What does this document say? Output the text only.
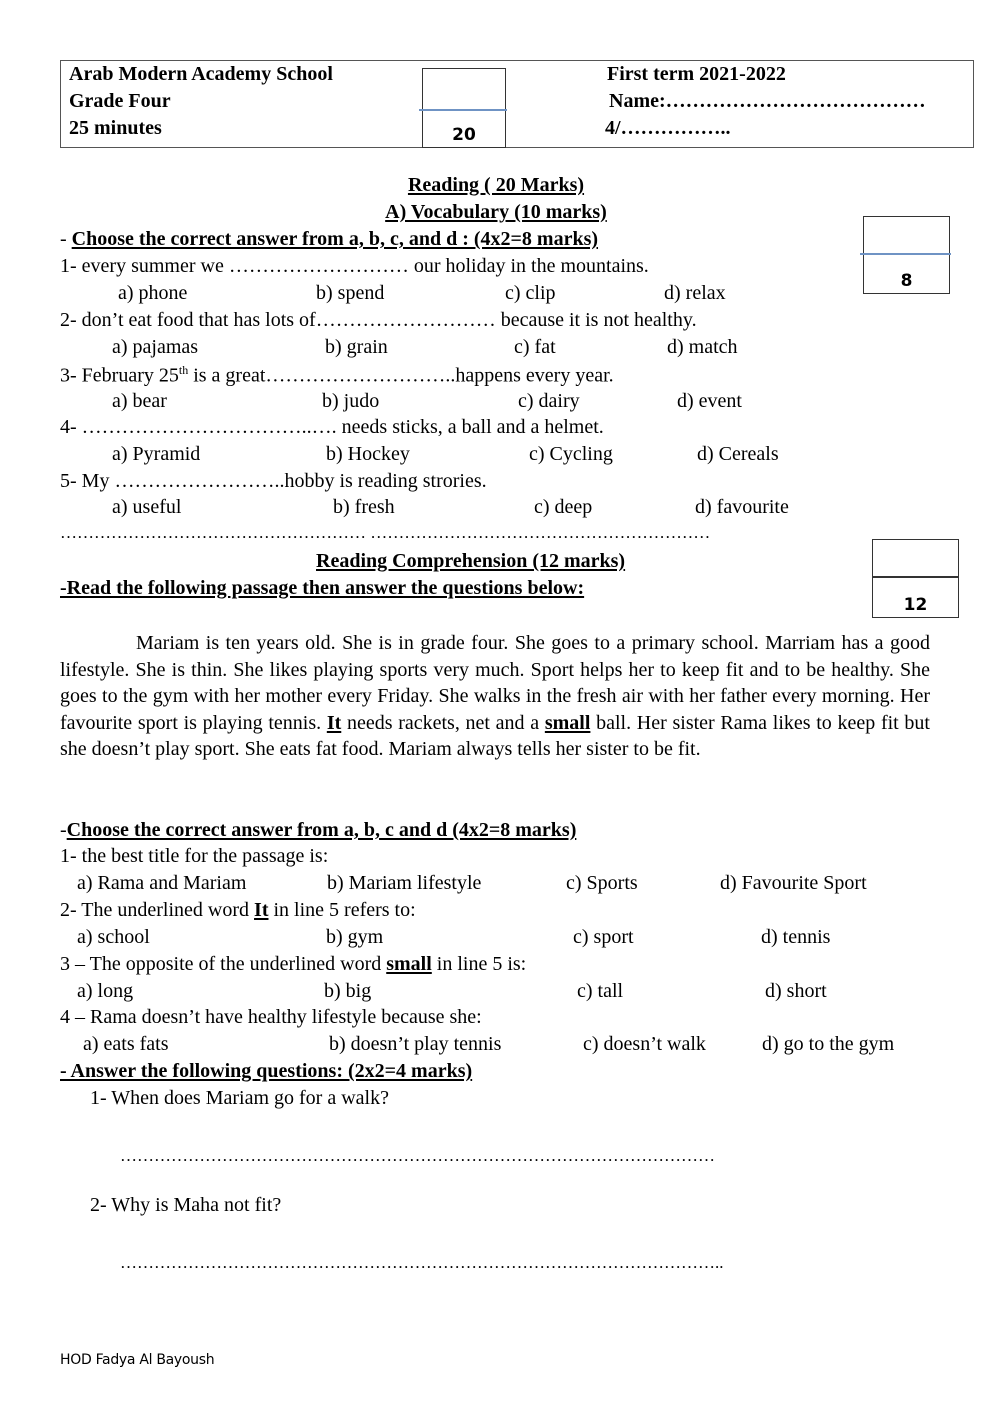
Arab Modern Academy School
Grade Four
25 minutes
First term 2021-2022
Name:…………………………………
4/……………..
20
Reading ( 20 Marks)
A) Vocabulary (10 marks)
- Choose the correct answer from a, b, c, and d : (4x2=8 marks)
8
1- every summer we ……………………… our holiday in the mountains.
a) phone	b) spend	c) clip	d) relax
2- don’t eat food that has lots of……………………… because it is not healthy.
a) pajamas	b) grain	c) fat	d) match
3- February 25th is a great………………………..happens every year.
a) bear	b) judo	c) dairy	d) event
4- ……………………………..…. needs sticks, a ball and a helmet.
a) Pyramid	b) Hockey	c) Cycling	d) Cereals
5- My ……………………..hobby is reading strories.
a) useful	b) fresh	c) deep	d) favourite
……………………………………………… ……………………………………………………
Reading Comprehension (12 marks)
-Read the following passage then answer the questions below:
12

Mariam is ten years old. She is in grade four. She goes to a primary school. Marriam has a good lifestyle. She is thin. She likes playing sports very much. Sport helps her to keep fit and to be healthy. She goes to the gym with her mother every Friday. She walks in the fresh air with her father every morning. Her favourite sport is playing tennis. It needs rackets, net and a small ball. Her sister Rama likes to keep fit but she doesn’t play sport. She eats fat food. Mariam always tells her sister to be fit.

-Choose the correct answer from a, b, c and d (4x2=8 marks)
1- the best title for the passage is:
a) Rama and Mariam	b) Mariam lifestyle	c) Sports	d) Favourite Sport
2- The underlined word It in line 5 refers to:
a) school	b) gym	c) sport	d) tennis
3 – The opposite of the underlined word small in line 5 is:
a) long	b) big	c) tall	d) short
4 – Rama doesn’t have healthy lifestyle because she:
a) eats fats	b) doesn’t play tennis	c) doesn’t walk	d) go to the gym
- Answer the following questions: (2x2=4 marks)
1- When does Mariam go for a walk?
……………………………………………………………………………………………
2- Why is Maha not fit?
……………………………………………………………………………………………..
HOD Fadya Al Bayoush
